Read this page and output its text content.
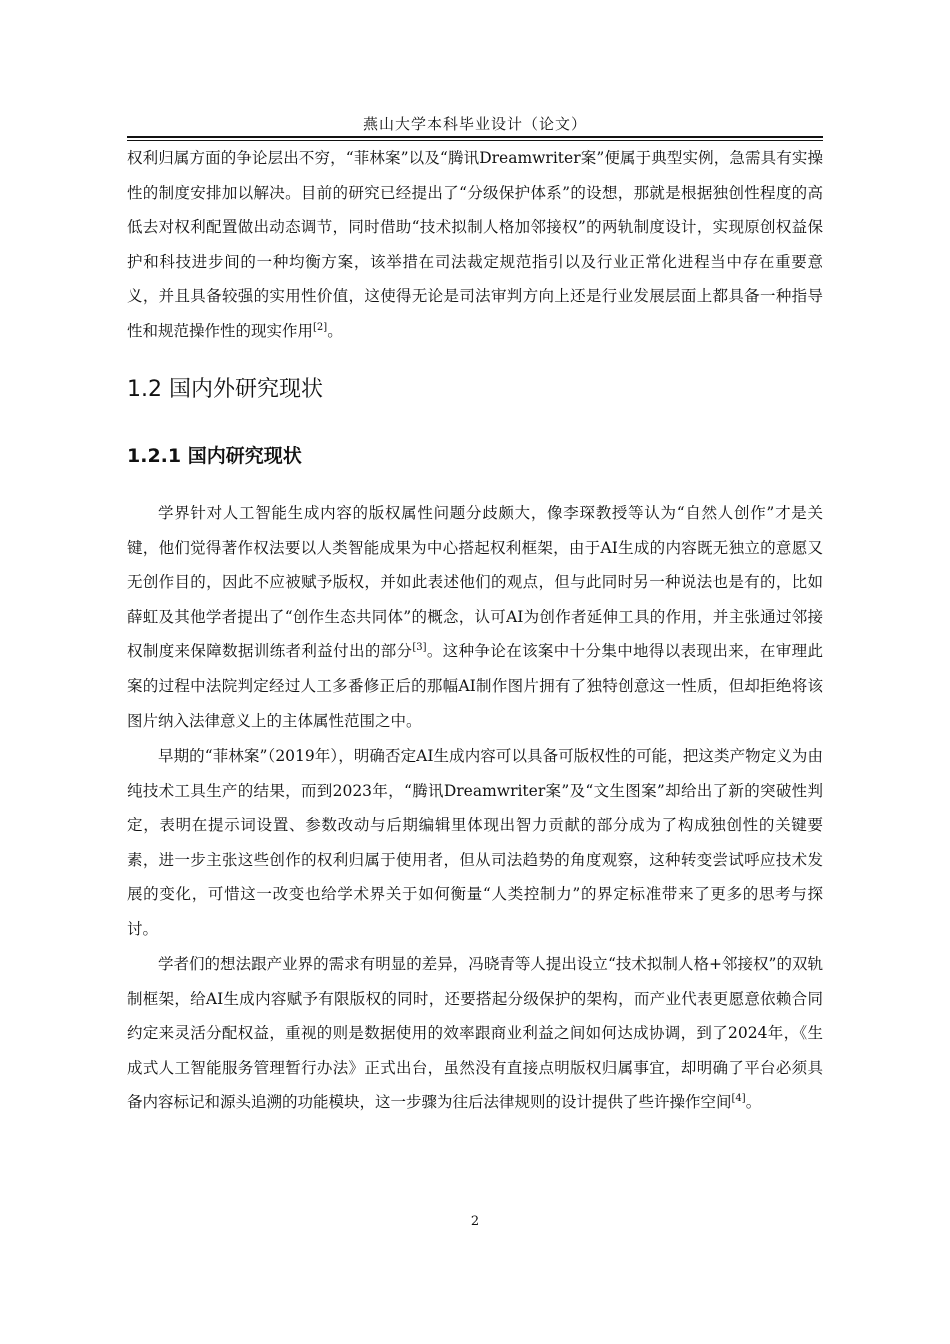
燕山大学本科毕业设计（论文）

权利归属方面的争论层出不穷，“菲林案”以及“腾讯Dreamwriter案”便属于典型实例，急需具有实操性的制度安排加以解决。目前的研究已经提出了“分级保护体系”的设想，那就是根据独创性程度的高低去对权利配置做出动态调节，同时借助“技术拟制人格加邻接权”的两轨制度设计，实现原创权益保护和科技进步间的一种均衡方案，该举措在司法裁定规范指引以及行业正常化进程当中存在重要意义，并且具备较强的实用性价值，这使得无论是司法审判方向上还是行业发展层面上都具备一种指导性和规范操作性的现实作用[2]。

1.2 国内外研究现状
1.2.1 国内研究现状

学界针对人工智能生成内容的版权属性问题分歧颇大，像李琛教授等认为“自然人创作”才是关键，他们觉得著作权法要以人类智能成果为中心搭起权利框架，由于AI生成的内容既无独立的意愿又无创作目的，因此不应被赋予版权，并如此表述他们的观点，但与此同时另一种说法也是有的，比如薛虹及其他学者提出了“创作生态共同体”的概念，认可AI为创作者延伸工具的作用，并主张通过邻接权制度来保障数据训练者利益付出的部分[3]。这种争论在该案中十分集中地得以表现出来，在审理此案的过程中法院判定经过人工多番修正后的那幅AI制作图片拥有了独特创意这一性质，但却拒绝将该图片纳入法律意义上的主体属性范围之中。

早期的“菲林案”（2019年），明确否定AI生成内容可以具备可版权性的可能，把这类产物定义为由纯技术工具生产的结果，而到2023年，“腾讯Dreamwriter案”及“文生图案”却给出了新的突破性判定，表明在提示词设置、参数改动与后期编辑里体现出智力贡献的部分成为了构成独创性的关键要素，进一步主张这些创作的权利归属于使用者，但从司法趋势的角度观察，这种转变尝试呼应技术发展的变化，可惜这一改变也给学术界关于如何衡量“人类控制力”的界定标准带来了更多的思考与探讨。

学者们的想法跟产业界的需求有明显的差异，冯晓青等人提出设立“技术拟制人格+邻接权”的双轨制框架，给AI生成内容赋予有限版权的同时，还要搭起分级保护的架构，而产业代表更愿意依赖合同约定来灵活分配权益，重视的则是数据使用的效率跟商业利益之间如何达成协调，到了2024年，《生成式人工智能服务管理暂行办法》正式出台，虽然没有直接点明版权归属事宜，却明确了平台必须具备内容标记和源头追溯的功能模块，这一步骤为往后法律规则的设计提供了些许操作空间[4]。

2
